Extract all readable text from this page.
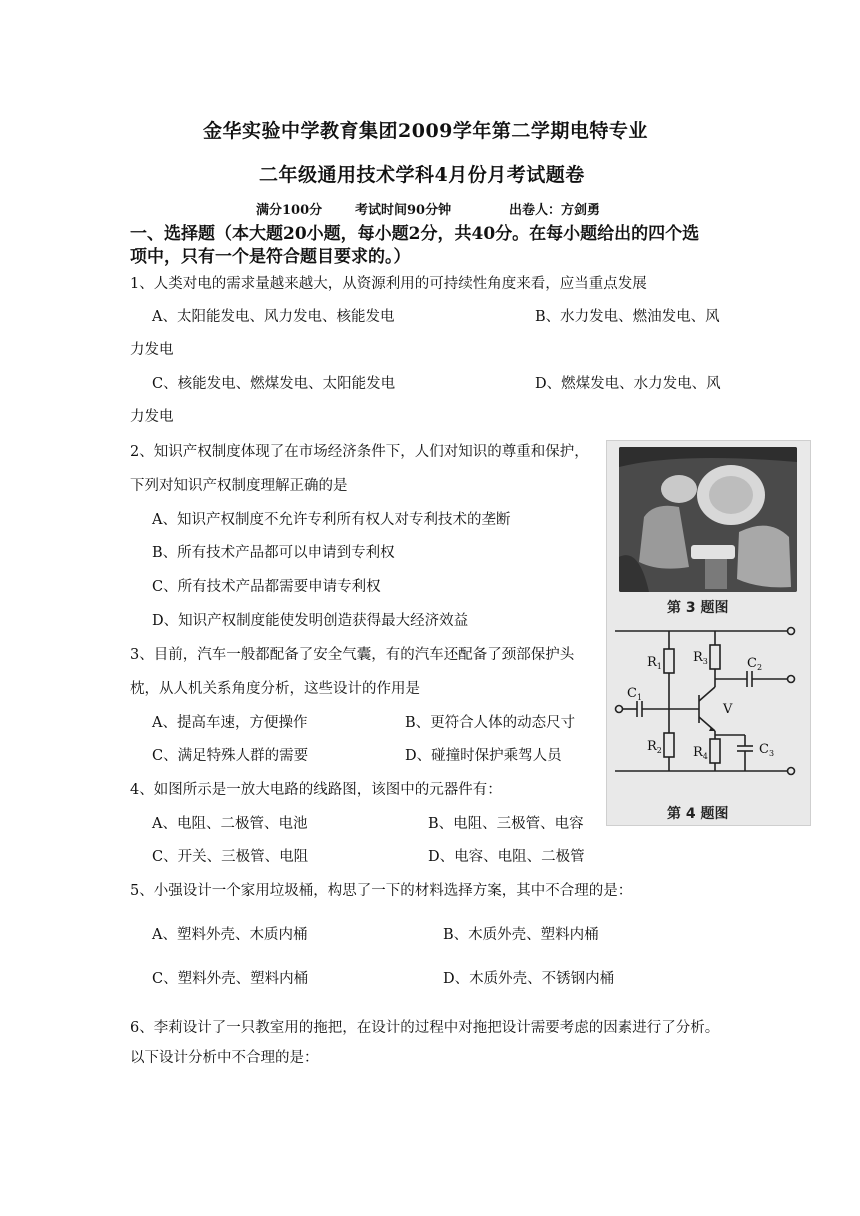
金华实验中学教育集团2009学年第二学期电特专业
二年级通用技术学科4月份月考试题卷
满分100分	考试时间90分钟	出卷人：方剑勇
一、选择题（本大题20小题，每小题2分，共40分。在每小题给出的四个选
项中，只有一个是符合题目要求的。）
1、人类对电的需求量越来越大，从资源利用的可持续性角度来看，应当重点发展
A、太阳能发电、风力发电、核能发电	B、水力发电、燃油发电、风
力发电
C、核能发电、燃煤发电、太阳能发电	D、燃煤发电、水力发电、风
力发电
2、知识产权制度体现了在市场经济条件下，人们对知识的尊重和保护，
下列对知识产权制度理解正确的是
A、知识产权制度不允许专利所有权人对专利技术的垄断
B、所有技术产品都可以申请到专利权
C、所有技术产品都需要申请专利权
D、知识产权制度能使发明创造获得最大经济效益
3、目前，汽车一般都配备了安全气囊，有的汽车还配备了颈部保护头
枕，从人机关系角度分析，这些设计的作用是
A、提高车速，方便操作	B、更符合人体的动态尺寸
C、满足特殊人群的需要	D、碰撞时保护乘驾人员
4、如图所示是一放大电路的线路图，该图中的元器件有：
A、电阻、二极管、电池	B、电阻、三极管、电容
C、开关、三极管、电阻	D、电容、电阻、二极管
5、小强设计一个家用垃圾桶，构思了一下的材料选择方案，其中不合理的是：
A、塑料外壳、木质内桶	B、木质外壳、塑料内桶
C、塑料外壳、塑料内桶	D、木质外壳、不锈钢内桶
6、李莉设计了一只教室用的拖把，在设计的过程中对拖把设计需要考虑的因素进行了分析。
以下设计分析中不合理的是：
第 3 题图
$R_1$
$R_2$
$R_3$
$R_4$
$C_1$
$C_2$
$C_3$
V
第 4 题图
